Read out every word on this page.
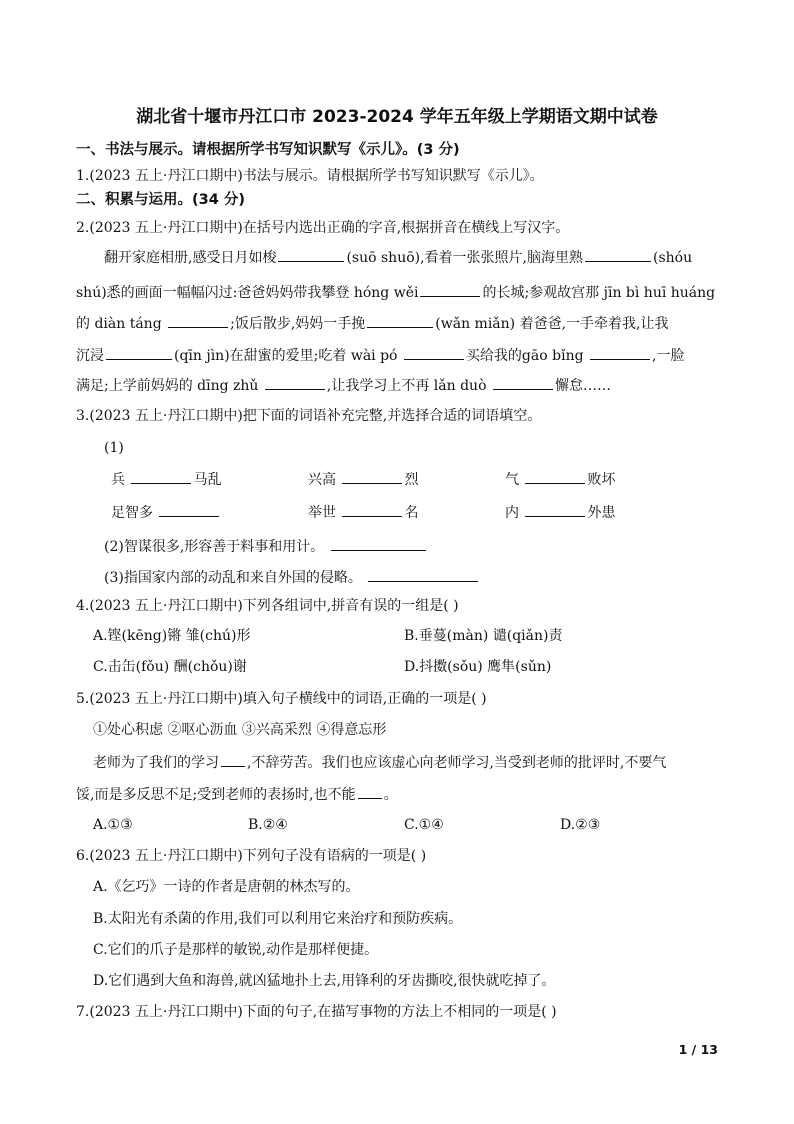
湖北省十堰市丹江口市 2023-2024 学年五年级上学期语文期中试卷
一、书法与展示。请根据所学书写知识默写《示儿》。(3 分)
1.(2023 五上·丹江口期中)书法与展示。请根据所学书写知识默写《示儿》。
二、积累与运用。(34 分)
2.(2023 五上·丹江口期中)在括号内选出正确的字音,根据拼音在横线上写汉字。
翻开家庭相册,感受日月如梭	(suō shuō),看着一张张照片,脑海里熟	(shóu
shú)悉的画面一幅幅闪过:爸爸妈妈带我攀登 hóng wěi	的长城;参观故宫那 jīn bì huī huáng
的 diàn táng	;饭后散步,妈妈一手挽	(wǎn miǎn) 着爸爸,一手牵着我,让我
沉浸	(qīn jìn)在甜蜜的爱里;吃着 wài pó	买给我的gāo bǐng	,一脸
满足;上学前妈妈的 dīng zhǔ	,让我学习上不再 lǎn duò	懈怠……
3.(2023 五上·丹江口期中)把下面的词语补充完整,并选择合适的词语填空。
(1)
兵	马乱	兴高	烈	气	败坏
足智多	举世	名	内	外患
(2)智谋很多,形容善于料事和用计。
(3)指国家内部的动乱和来自外国的侵略。
4.(2023 五上·丹江口期中)下列各组词中,拼音有误的一组是( )
A.铿(kēng)锵 雏(chú)形	B.垂蔓(màn) 谴(qiǎn)责
C.击缶(fǒu) 酬(chǒu)谢	D.抖擞(sǒu) 鹰隼(sǔn)
5.(2023 五上·丹江口期中)填入句子横线中的词语,正确的一项是( )
①处心积虑 ②呕心沥血 ③兴高采烈 ④得意忘形
老师为了我们的学习 ,不辞劳苦。我们也应该虚心向老师学习,当受到老师的批评时,不要气
馁,而是多反思不足;受到老师的表扬时,也不能 。
A.①③	B.②④	C.①④	D.②③
6.(2023 五上·丹江口期中)下列句子没有语病的一项是( )
A.《乞巧》一诗的作者是唐朝的林杰写的。
B.太阳光有杀菌的作用,我们可以利用它来治疗和预防疾病。
C.它们的爪子是那样的敏锐,动作是那样便捷。
D.它们遇到大鱼和海兽,就凶猛地扑上去,用锋利的牙齿撕咬,很快就吃掉了。
7.(2023 五上·丹江口期中)下面的句子,在描写事物的方法上不相同的一项是( )
1 / 13
